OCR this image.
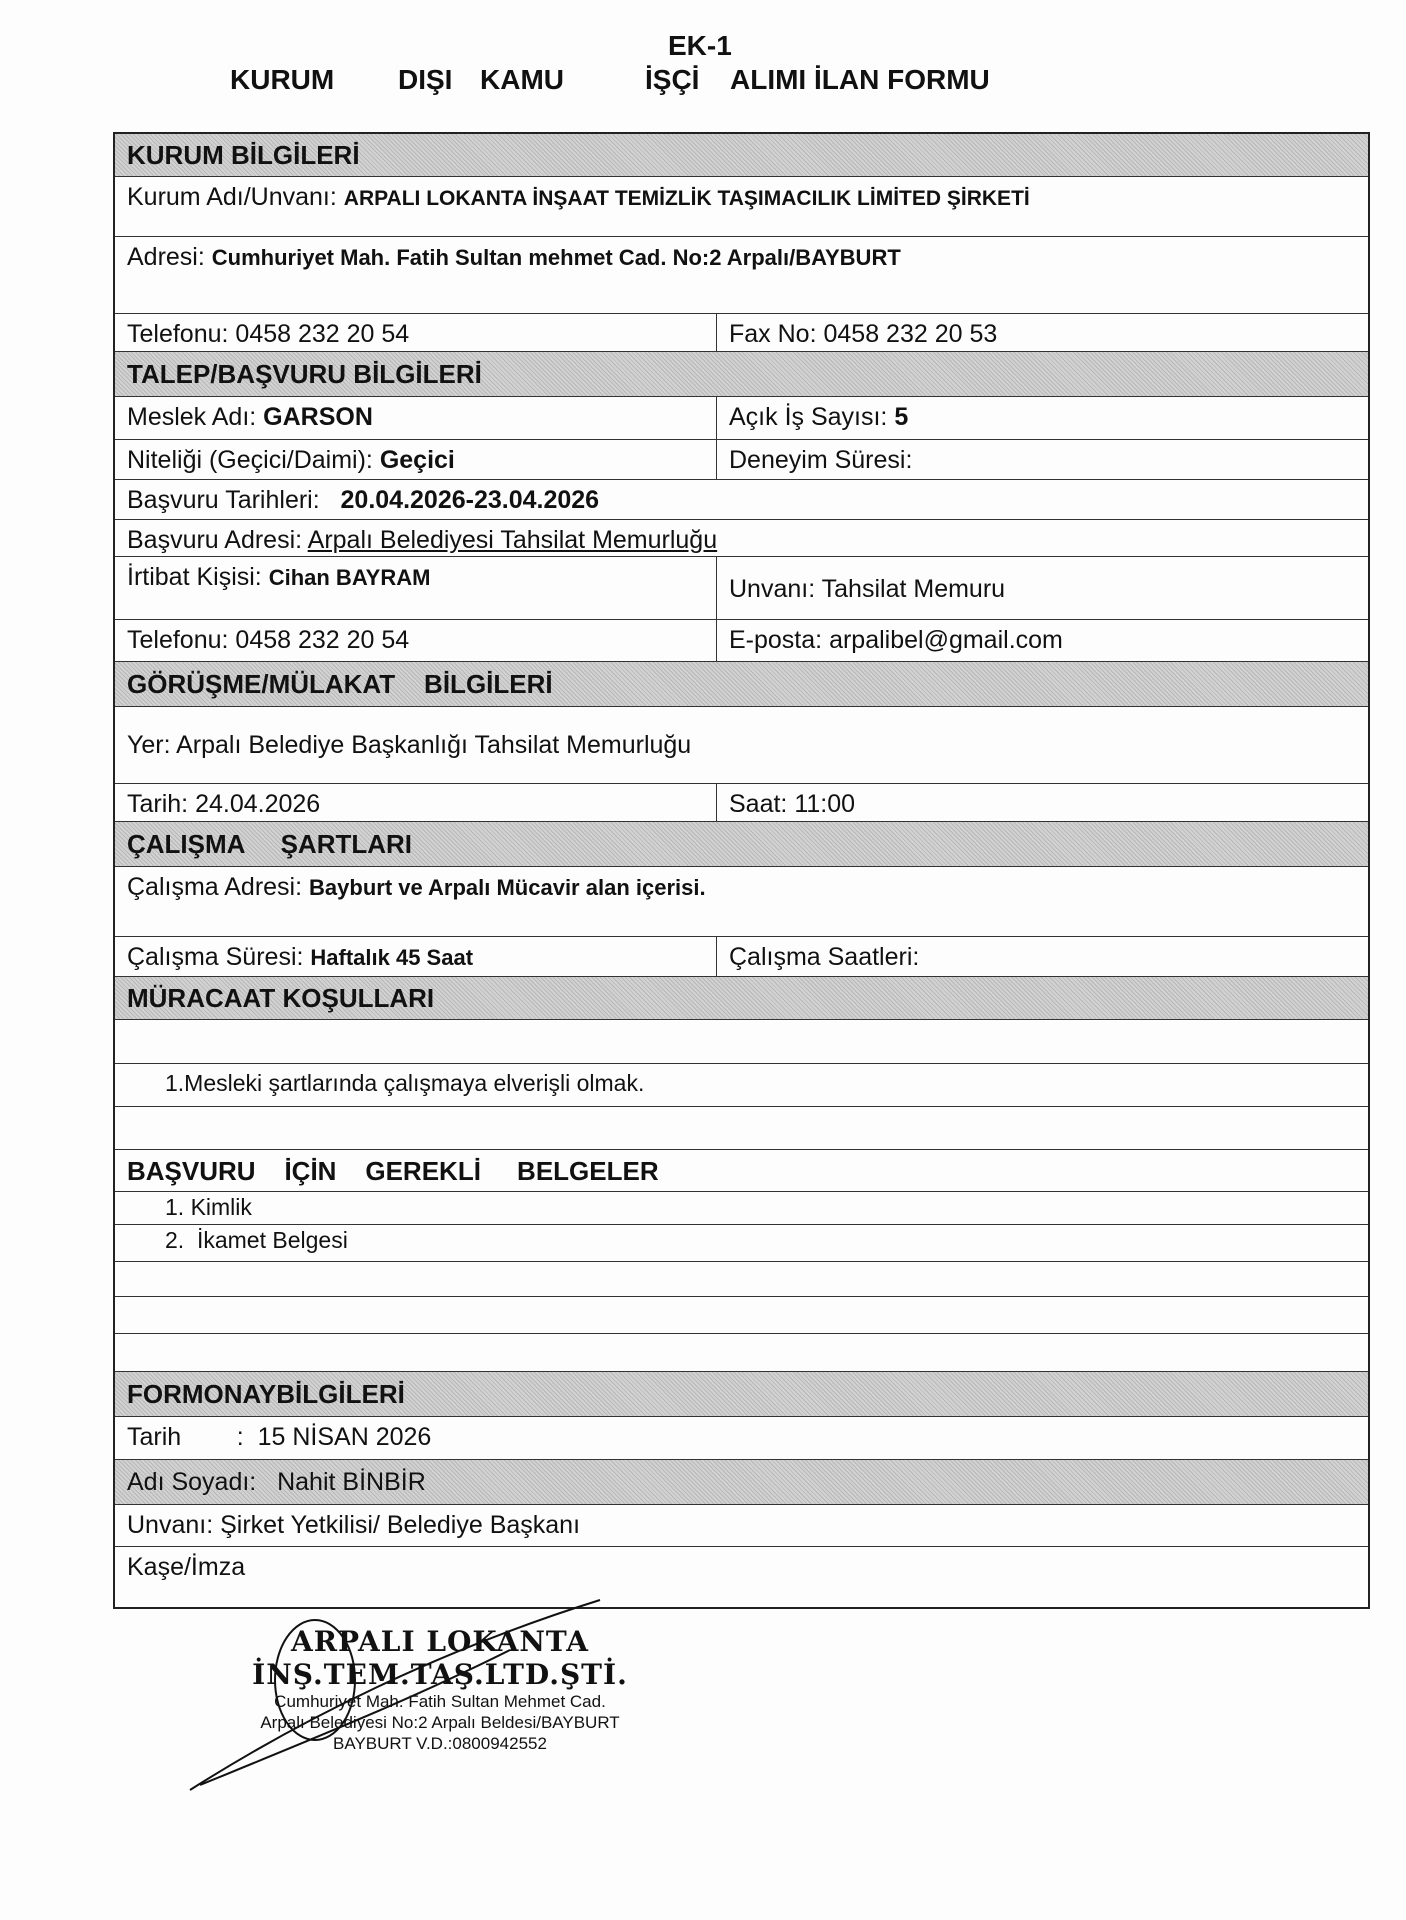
EK-1
KURUM DIŞI KAMU	İŞÇİ ALIMI İLAN FORMU
KURUM BİLGİLERİ
Kurum Adı/Unvanı: ARPALI LOKANTA İNŞAAT TEMİZLİK TAŞIMACILIK LİMİTED ŞİRKETİ
Adresi: Cumhuriyet Mah. Fatih Sultan mehmet Cad. No:2 Arpalı/BAYBURT
Telefonu: 0458 232 20 54	Fax No: 0458 232 20 53
TALEP/BAŞVURU BİLGİLERİ
Meslek Adı: GARSON	Açık İş Sayısı: 5
Niteliği (Geçici/Daimi): Geçici	Deneyim Süresi:
Başvuru Tarihleri:   20.04.2026-23.04.2026
Başvuru Adresi: Arpalı Belediyesi Tahsilat Memurluğu
İrtibat Kişisi: Cihan BAYRAM	Unvanı: Tahsilat Memuru
Telefonu: 0458 232 20 54	E-posta: arpalibel@gmail.com
GÖRÜŞME/MÜLAKAT    BİLGİLERİ
Yer: Arpalı Belediye Başkanlığı Tahsilat Memurluğu
Tarih: 24.04.2026	Saat: 11:00
ÇALIŞMA     ŞARTLARI
Çalışma Adresi: Bayburt ve Arpalı Mücavir alan içerisi.
Çalışma Süresi: Haftalık 45 Saat	Çalışma Saatleri:
MÜRACAAT KOŞULLARI
1.Mesleki şartlarında çalışmaya elverişli olmak.
BAŞVURU    İÇİN    GEREKLİ     BELGELER
1. Kimlik
2.  İkamet Belgesi
FORMONAYBİLGİLERİ
Tarih        :  15 NİSAN 2026
Adı Soyadı:   Nahit BİNBİR
Unvanı: Şirket Yetkilisi/ Belediye Başkanı
Kaşe/İmza
ARPALI LOKANTA
İNŞ.TEM.TAŞ.LTD.ŞTİ.
Cumhuriyet Mah. Fatih Sultan Mehmet Cad.
Arpalı Belediyesi No:2 Arpalı Beldesi/BAYBURT
BAYBURT V.D.:0800942552
